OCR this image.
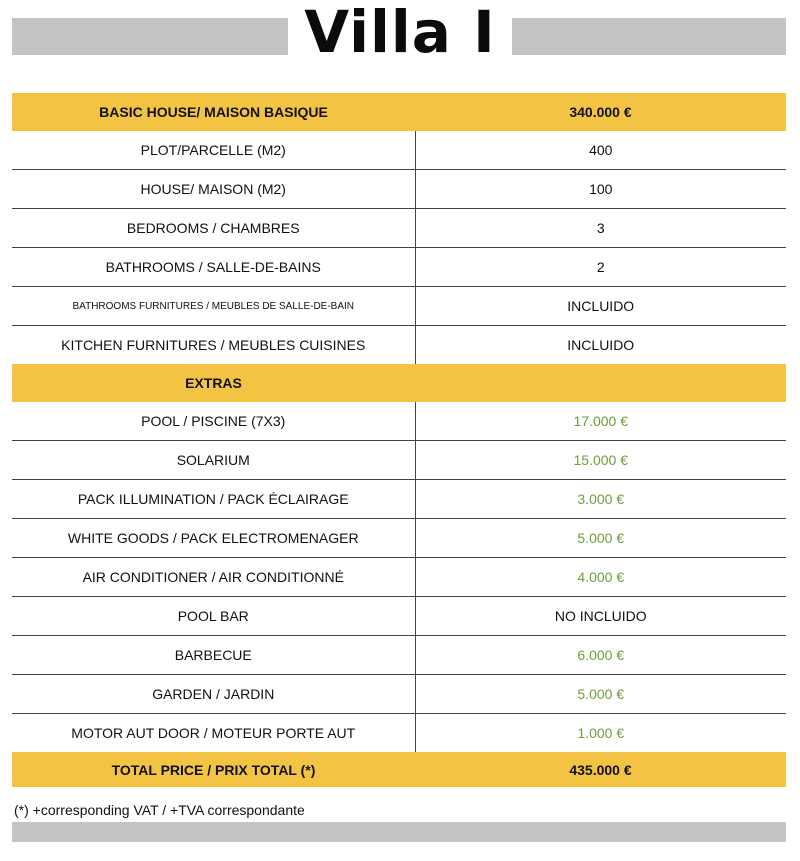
Villa I
BASIC HOUSE/ MAISON BASIQUE	340.000 €
PLOT/PARCELLE (M2)	400
HOUSE/ MAISON (M2)	100
BEDROOMS / CHAMBRES	3
BATHROOMS / SALLE-DE-BAINS	2
BATHROOMS FURNITURES / MEUBLES DE SALLE-DE-BAIN	INCLUIDO
KITCHEN FURNITURES / MEUBLES CUISINES	INCLUIDO
EXTRAS	
POOL / PISCINE (7X3)	17.000 €
SOLARIUM	15.000 €
PACK ILLUMINATION / PACK ÉCLAIRAGE	3.000 €
WHITE GOODS / PACK ELECTROMENAGER	5.000 €
AIR CONDITIONER / AIR CONDITIONNÉ	4.000 €
POOL BAR	NO INCLUIDO
BARBECUE	6.000 €
GARDEN / JARDIN	5.000 €
MOTOR AUT DOOR / MOTEUR PORTE AUT	1.000 €
TOTAL PRICE / PRIX TOTAL (*)	435.000 €
(*) +corresponding VAT / +TVA correspondante
